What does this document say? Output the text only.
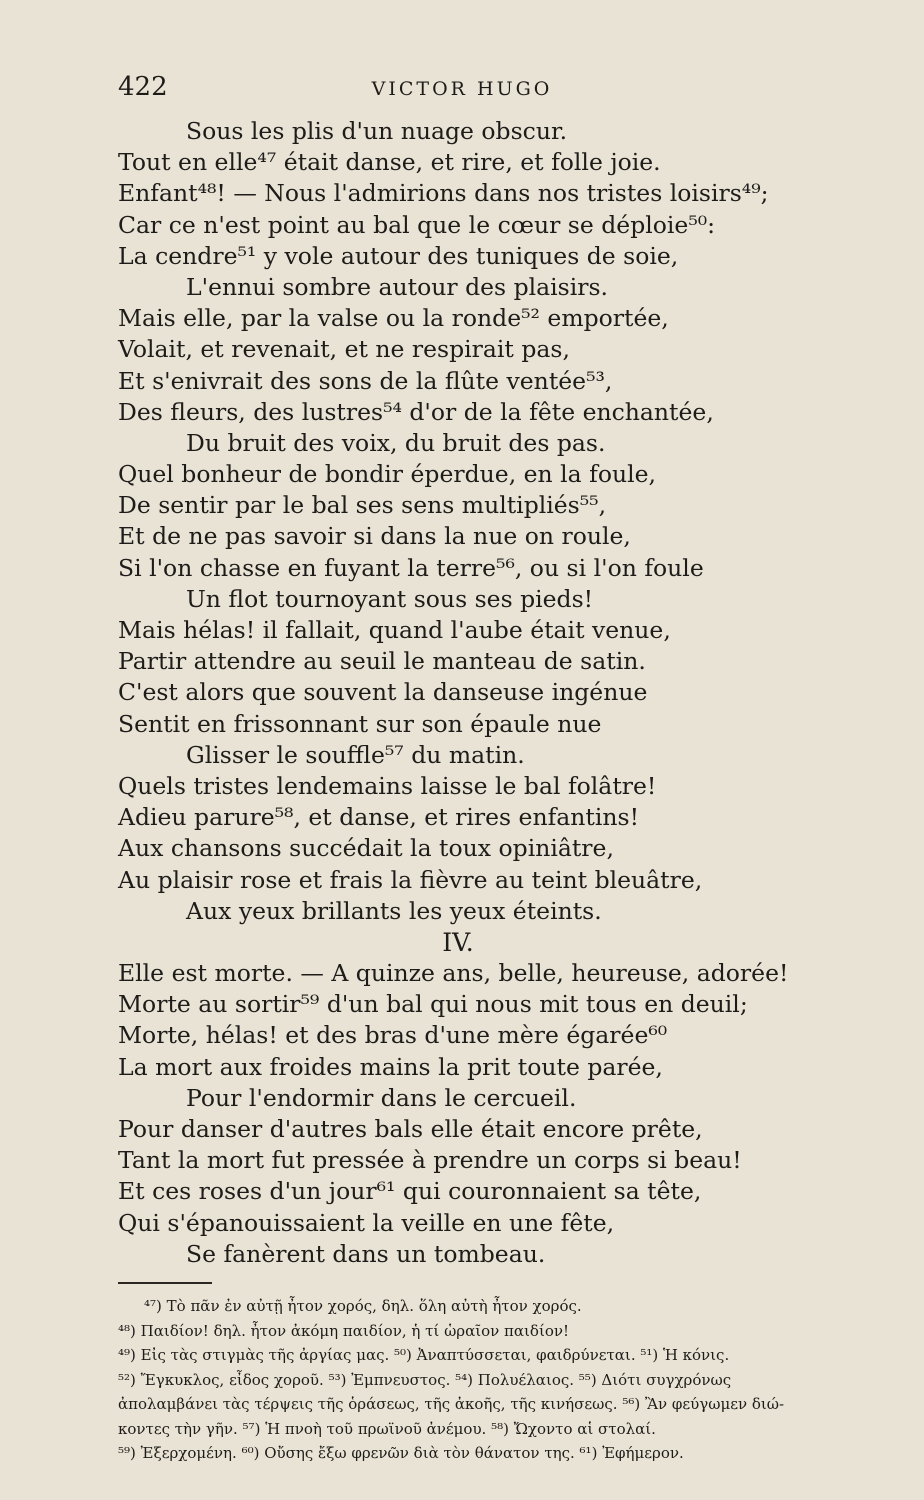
422	VICTOR HUGO
Sous les plis d'un nuage obscur.
Tout en elle⁴⁷ était danse, et rire, et folle joie.
Enfant⁴⁸! — Nous l'admirions dans nos tristes loisirs⁴⁹;
Car ce n'est point au bal que le cœur se déploie⁵⁰:
La cendre⁵¹ y vole autour des tuniques de soie,
L'ennui sombre autour des plaisirs.
Mais elle, par la valse ou la ronde⁵² emportée,
Volait, et revenait, et ne respirait pas,
Et s'enivrait des sons de la flûte ventée⁵³,
Des fleurs, des lustres⁵⁴ d'or de la fête enchantée,
Du bruit des voix, du bruit des pas.
Quel bonheur de bondir éperdue, en la foule,
De sentir par le bal ses sens multipliés⁵⁵,
Et de ne pas savoir si dans la nue on roule,
Si l'on chasse en fuyant la terre⁵⁶, ou si l'on foule
Un flot tournoyant sous ses pieds!
Mais hélas! il fallait, quand l'aube était venue,
Partir attendre au seuil le manteau de satin.
C'est alors que souvent la danseuse ingénue
Sentit en frissonnant sur son épaule nue
Glisser le souffle⁵⁷ du matin.
Quels tristes lendemains laisse le bal folâtre!
Adieu parure⁵⁸, et danse, et rires enfantins!
Aux chansons succédait la toux opiniâtre,
Au plaisir rose et frais la fièvre au teint bleuâtre,
Aux yeux brillants les yeux éteints.
IV.
Elle est morte. — A quinze ans, belle, heureuse, adorée!
Morte au sortir⁵⁹ d'un bal qui nous mit tous en deuil;
Morte, hélas! et des bras d'une mère égarée⁶⁰
La mort aux froides mains la prit toute parée,
Pour l'endormir dans le cercueil.
Pour danser d'autres bals elle était encore prête,
Tant la mort fut pressée à prendre un corps si beau!
Et ces roses d'un jour⁶¹ qui couronnaient sa tête,
Qui s'épanouissaient la veille en une fête,
Se fanèrent dans un tombeau.
⁴⁷) Τὸ πᾶν ἐν αὐτῇ ἦτον χορός, δηλ. ὅλη αὐτὴ ἦτον χορός.
⁴⁸) Παιδίον! δηλ. ἦτον ἀκόμη παιδίον, ἡ τί ὡραῖον παιδίον!
⁴⁹) Εἰς τὰς στιγμὰς τῆς ἀργίας μας. ⁵⁰) Ἀναπτύσσεται, φαιδρύνεται. ⁵¹) Ἡ κόνις.
⁵²) Ἔγκυκλος, εἶδος χοροῦ. ⁵³) Ἐμπνευστος. ⁵⁴) Πολυέλαιος. ⁵⁵) Διότι συγχρόνως
ἀπολαμβάνει τὰς τέρψεις τῆς ὁράσεως, τῆς ἀκοῆς, τῆς κινήσεως. ⁵⁶) Ἂν φεύγωμεν διώ-
κοντες τὴν γῆν. ⁵⁷) Ἡ πνοὴ τοῦ πρωϊνοῦ ἀνέμου. ⁵⁸) Ὤχοντο αἱ στολαί.
⁵⁹) Ἐξερχομένη. ⁶⁰) Οὔσης ἔξω φρενῶν διὰ τὸν θάνατον της. ⁶¹) Ἐφήμερον.
